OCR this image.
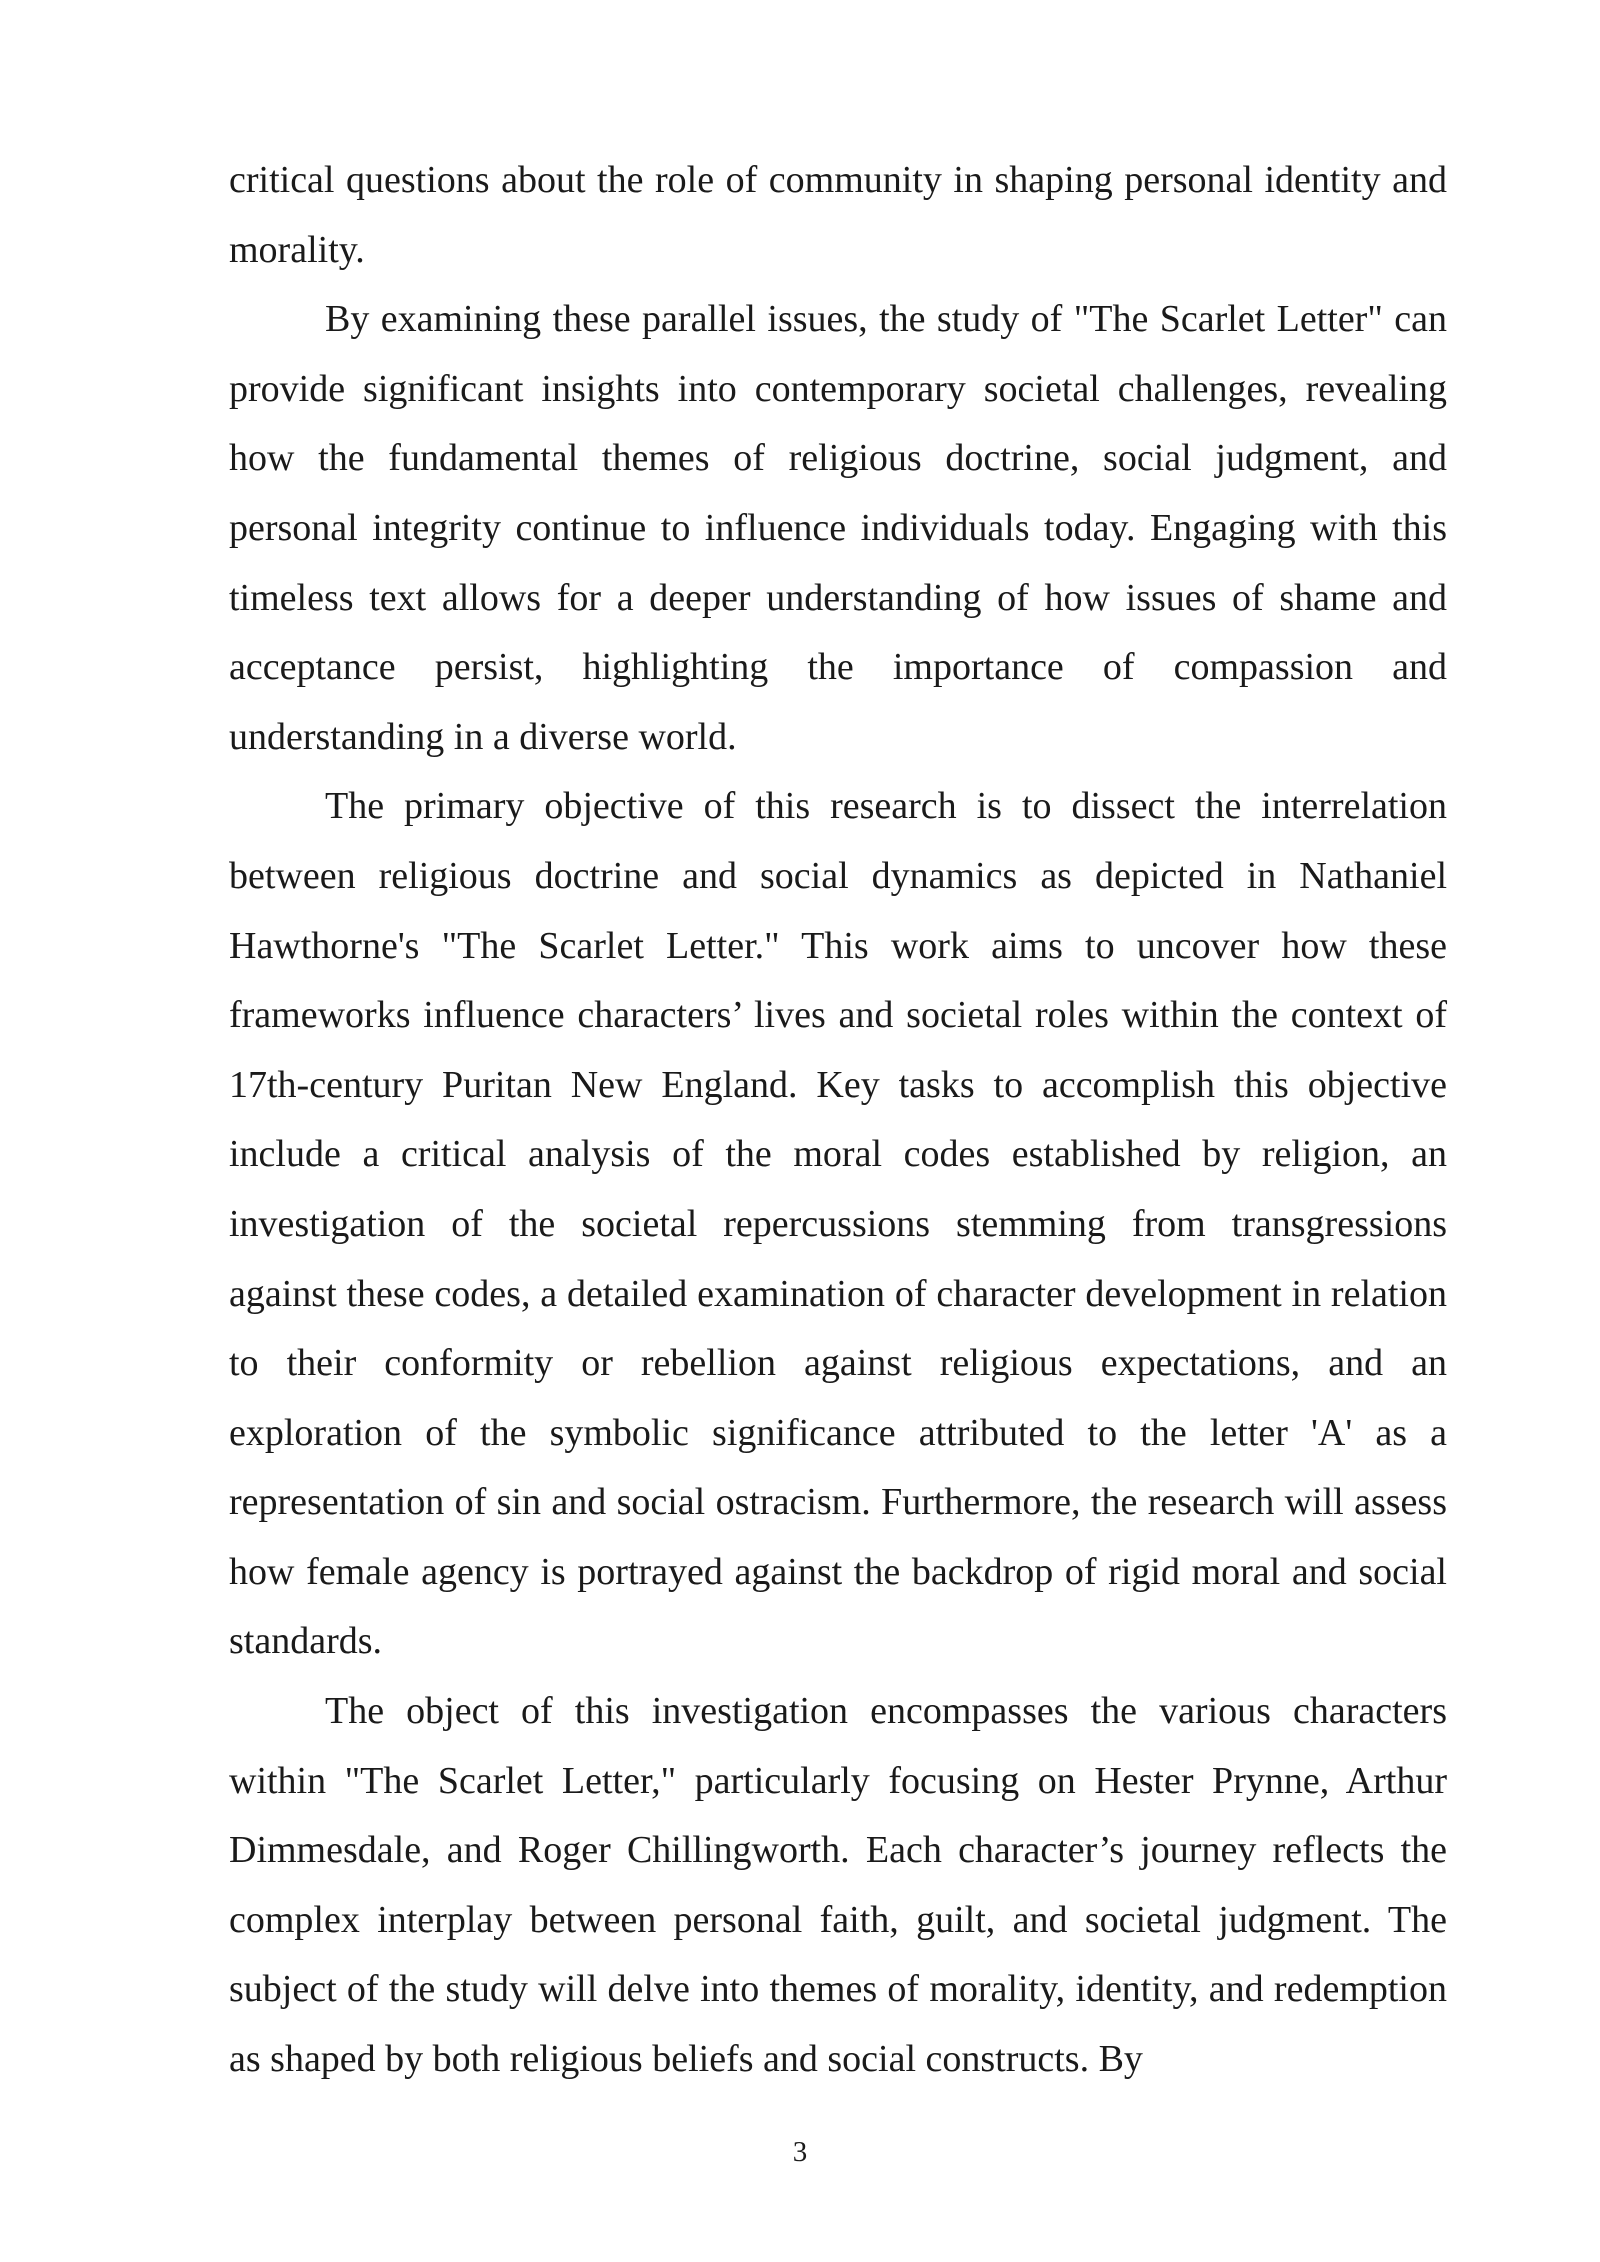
critical questions about the role of community in shaping personal identity and morality.

By examining these parallel issues, the study of "The Scarlet Letter" can provide significant insights into contemporary societal challenges, revealing how the fundamental themes of religious doctrine, social judgment, and personal integrity continue to influence individuals today. Engaging with this timeless text allows for a deeper understanding of how issues of shame and acceptance persist, highlighting the importance of compassion and understanding in a diverse world.

The primary objective of this research is to dissect the interrelation between religious doctrine and social dynamics as depicted in Nathaniel Hawthorne's "The Scarlet Letter." This work aims to uncover how these frameworks influence characters’ lives and societal roles within the context of 17th-century Puritan New England. Key tasks to accomplish this objective include a critical analysis of the moral codes established by religion, an investigation of the societal repercussions stemming from transgressions against these codes, a detailed examination of character development in relation to their conformity or rebellion against religious expectations, and an exploration of the symbolic significance attributed to the letter 'A' as a representation of sin and social ostracism. Furthermore, the research will assess how female agency is portrayed against the backdrop of rigid moral and social standards.

The object of this investigation encompasses the various characters within "The Scarlet Letter," particularly focusing on Hester Prynne, Arthur Dimmesdale, and Roger Chillingworth. Each character’s journey reflects the complex interplay between personal faith, guilt, and societal judgment. The subject of the study will delve into themes of morality, identity, and redemption as shaped by both religious beliefs and social constructs. By

3
